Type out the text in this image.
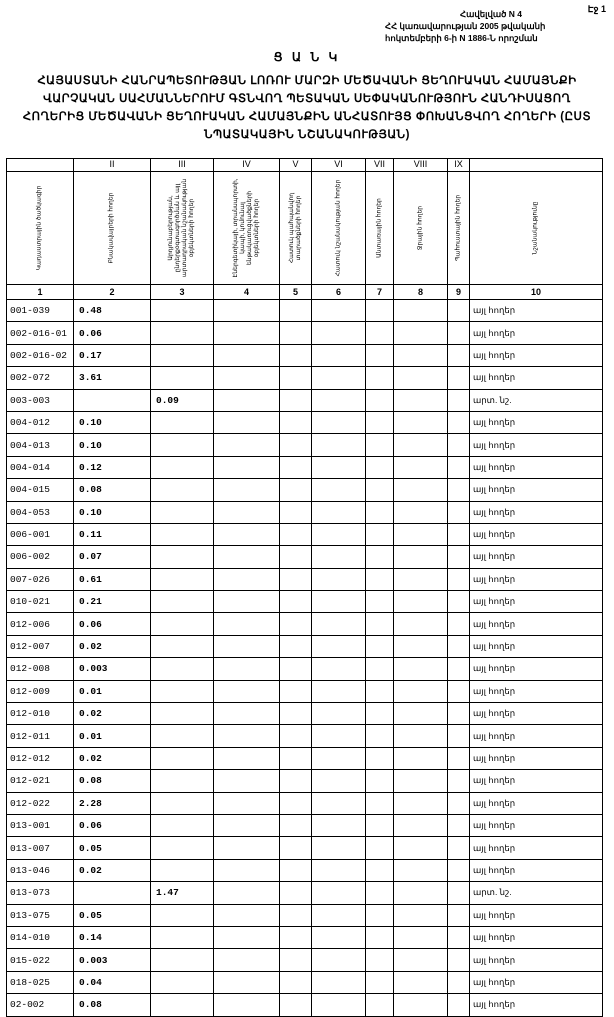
Էջ 1
Հավելված N 4
ՀՀ կառավարության 2005 թվականի
հոկտեմբերի 6-ի N 1886-Ն որոշման
Ց Ա Ն Կ
ՀԱՅԱՍՏԱՆԻ ՀԱՆՐԱՊԵՏՈՒԹՅԱՆ ԼՈՌՈՒ ՄԱՐԶԻ ՄԵԾԱՎԱՆԻ ՑԵՂՈՒԱԿԱՆ ՀԱՄԱՅՆՔԻ ՎԱՐՉԱԿԱՆ ՍԱՀՄԱՆՆԵՐՈՒՄ ԳՏՆՎՈՂ ՊԵՏԱԿԱՆ ՍԵՓԱԿԱՆՈՒԹՅՈՒՆ ՀԱՆԴԻՍԱՑՈՂ ՀՈՂԵՐԻՑ ՄԵԾԱՎԱՆԻ ՑԵՂՈՒԱԿԱՆ ՀԱՄԱՅՆՔԻՆ ԱՆՀԱՏՈՒՅՑ ՓՈԽԱՆՑՎՈՂ ՀՈՂԵՐԻ (ԸՍՏ ՆՊԱՏԱԿԱՅԻՆ ՆՇԱՆԱԿՈՒԹՅԱՆ)
	II	III	IV	V	VI	VII	VIII	IX	

Կադաստրային ծածկագիր	Բնակավայրերի հողեր	Արդյունաբերության, ընդերքօգտագործման և այլ արտադրական նշանակության օբյեկտների հողեր	Էներգետիկայի, տրանսպորտի, կապի, կոմունալ ենթակառուցվածքների օբյեկտների հողեր	Հատուկ պահպանվող տարածքների հողեր	Հատուկ նշանակության հողեր	Անտառային հողեր	Ջրային հողեր	Պահուստային հողեր	Նշանակությունը

1	2	3	4	5	6	7	8	9	10
001-039	0.48								այլ հողեր
002-016-01	0.06								այլ հողեր
002-016-02	0.17								այլ հողեր
002-072	3.61								այլ հողեր
003-003		0.09							արտ. նշ.
004-012	0.10								այլ հողեր
004-013	0.10								այլ հողեր
004-014	0.12								այլ հողեր
004-015	0.08								այլ հողեր
004-053	0.10								այլ հողեր
006-001	0.11								այլ հողեր
006-002	0.07								այլ հողեր
007-026	0.61								այլ հողեր
010-021	0.21								այլ հողեր
012-006	0.06								այլ հողեր
012-007	0.02								այլ հողեր
012-008	0.003								այլ հողեր
012-009	0.01								այլ հողեր
012-010	0.02								այլ հողեր
012-011	0.01								այլ հողեր
012-012	0.02								այլ հողեր
012-021	0.08								այլ հողեր
012-022	2.28								այլ հողեր
013-001	0.06								այլ հողեր
013-007	0.05								այլ հողեր
013-046	0.02								այլ հողեր
013-073		1.47							արտ. նշ.
013-075	0.05								այլ հողեր
014-010	0.14								այլ հողեր
015-022	0.003								այլ հողեր
018-025	0.04								այլ հողեր
02-002	0.08								այլ հողեր
